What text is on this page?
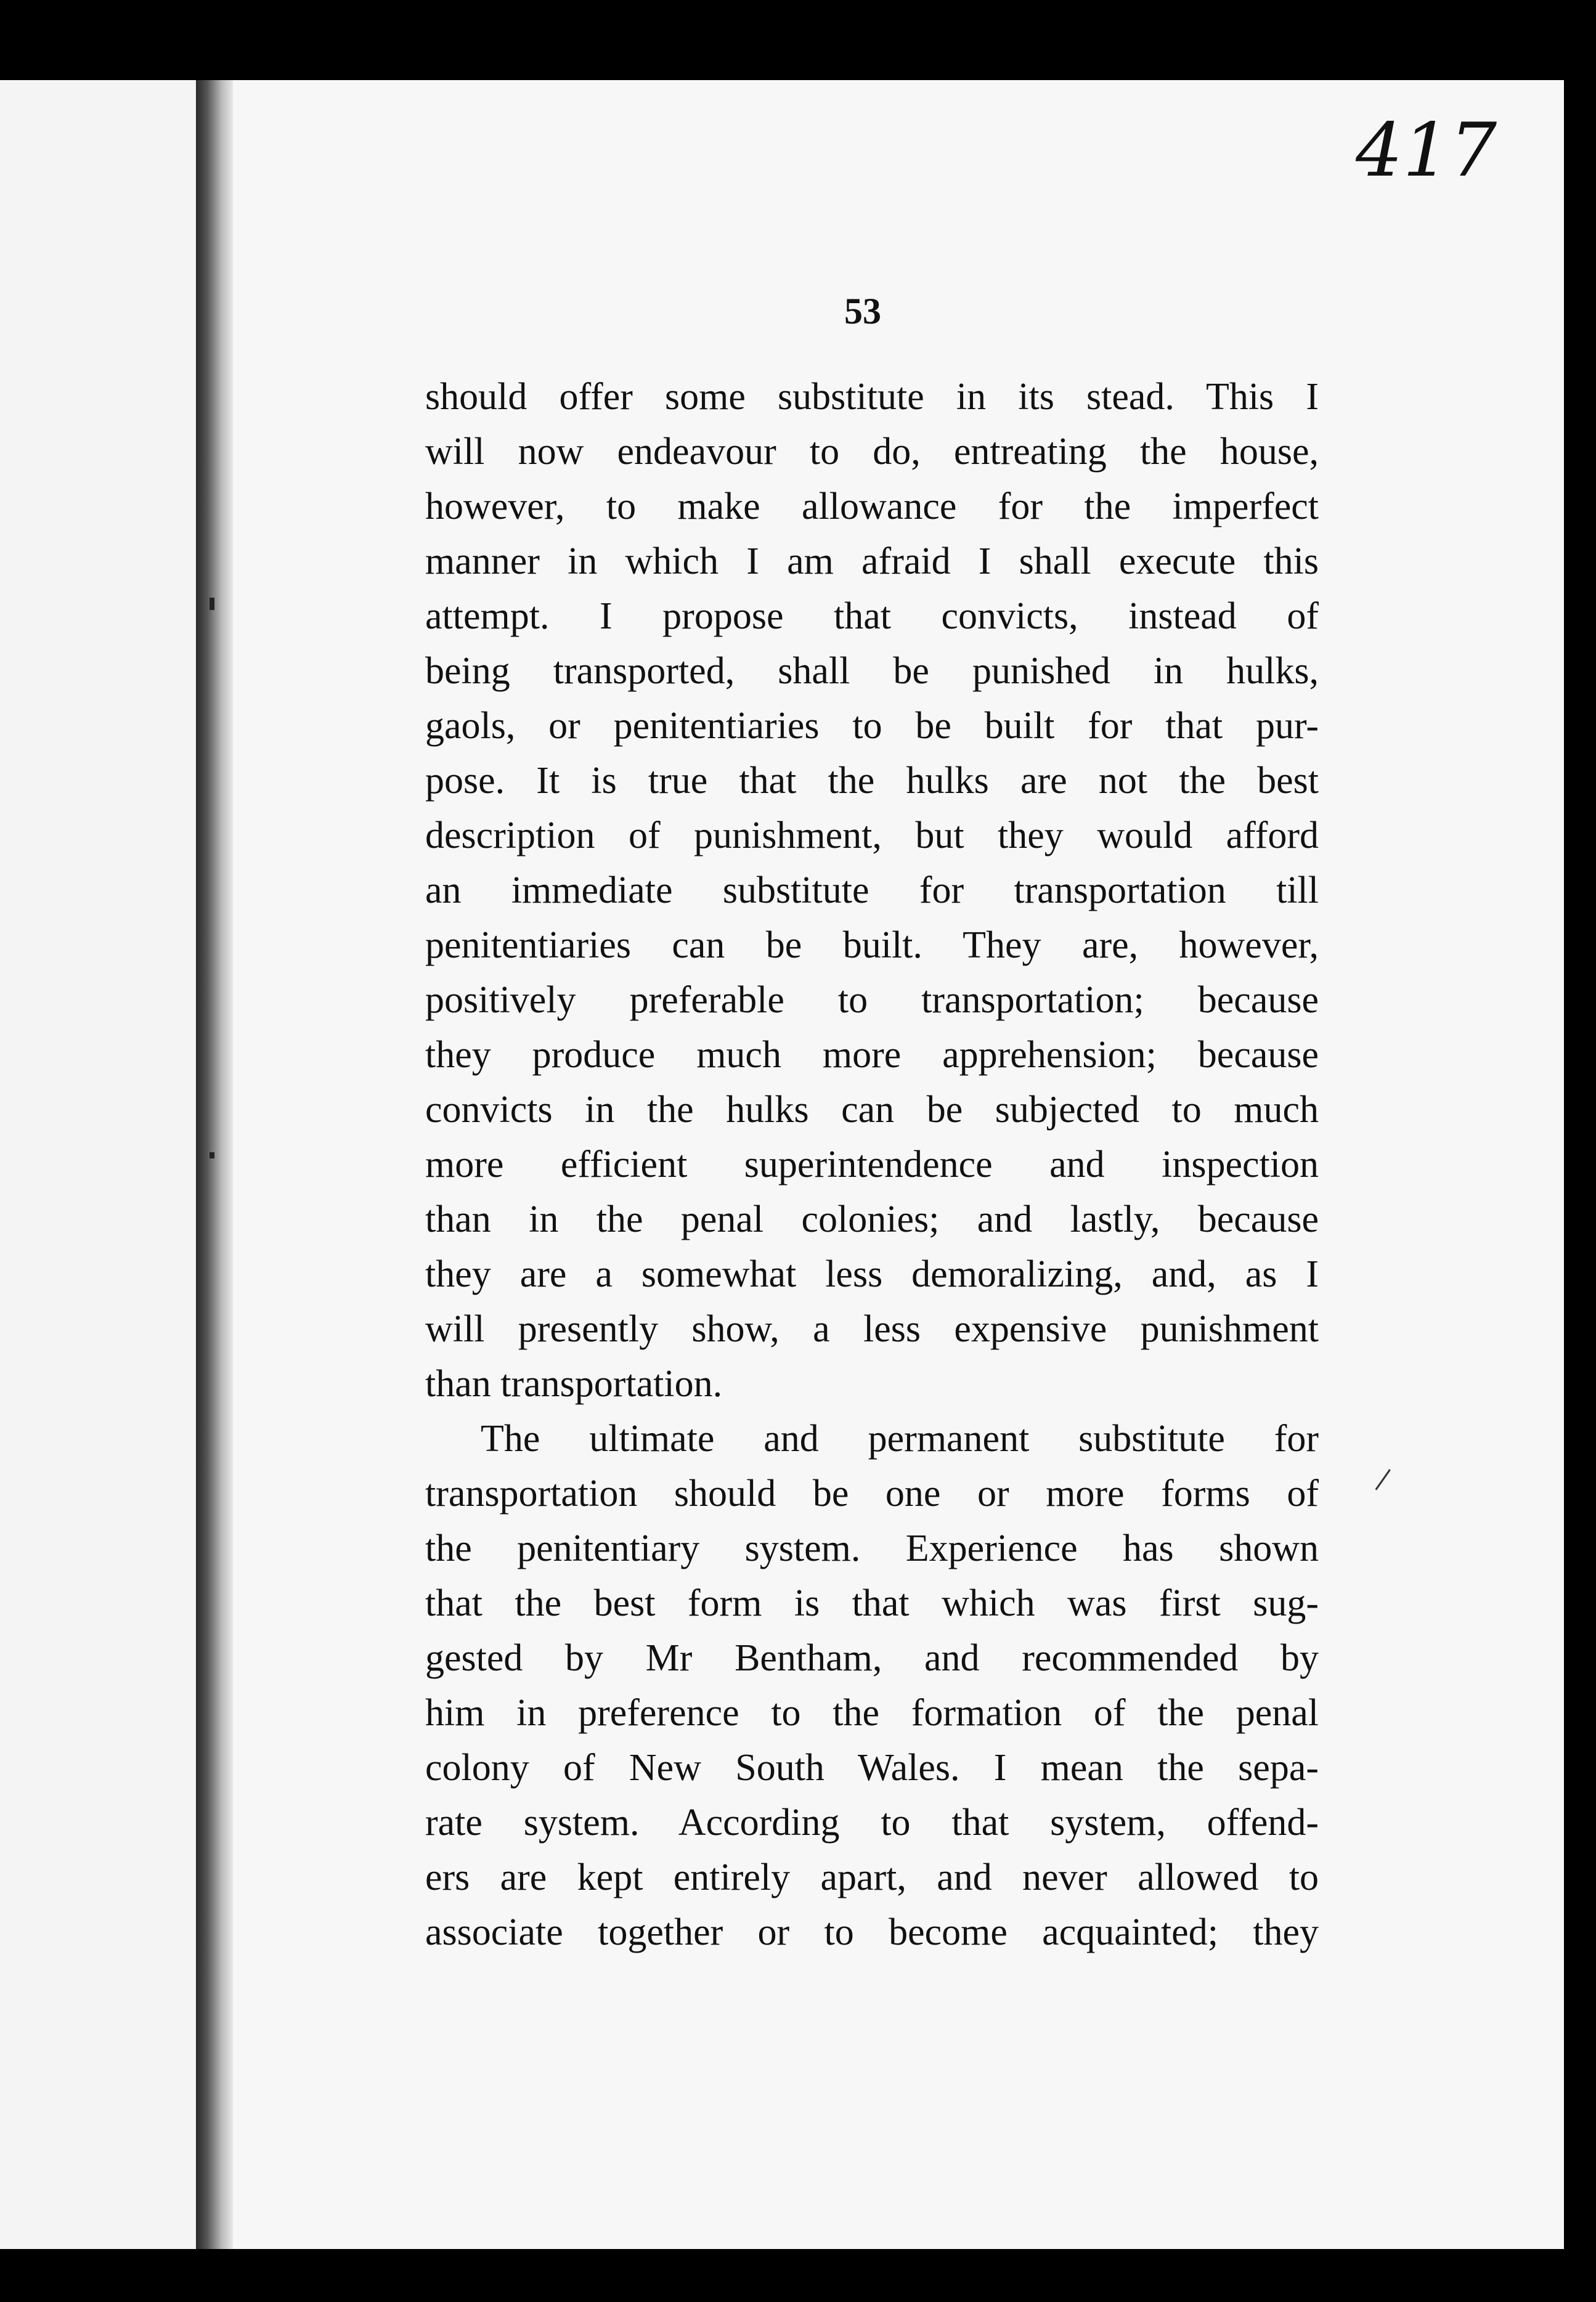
417
53
should offer some substitute in its stead. This I
will now endeavour to do, entreating the house,
however, to make allowance for the imperfect
manner in which I am afraid I shall execute this
attempt. I propose that convicts, instead of
being transported, shall be punished in hulks,
gaols, or penitentiaries to be built for that pur-
pose. It is true that the hulks are not the best
description of punishment, but they would afford
an immediate substitute for transportation till
penitentiaries can be built. They are, however,
positively preferable to transportation; because
they produce much more apprehension; because
convicts in the hulks can be subjected to much
more efficient superintendence and inspection
than in the penal colonies; and lastly, because
they are a somewhat less demoralizing, and, as I
will presently show, a less expensive punishment
than transportation.
The ultimate and permanent substitute for
transportation should be one or more forms of
the penitentiary system. Experience has shown
that the best form is that which was first sug-
gested by Mr Bentham, and recommended by
him in preference to the formation of the penal
colony of New South Wales. I mean the sepa-
rate system. According to that system, offend-
ers are kept entirely apart, and never allowed to
associate together or to become acquainted; they
